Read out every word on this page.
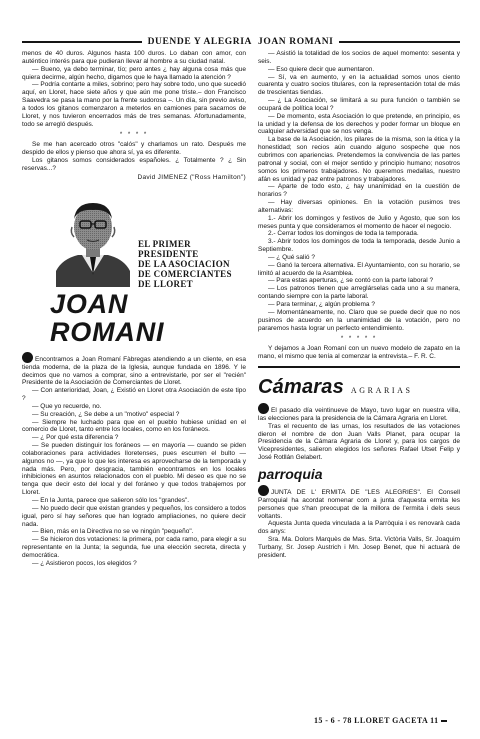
DUENDE Y ALEGRIA JOAN ROMANI

menos de 40 duros. Algunos hasta 100 duros. Lo daban con amor, con auténtico interés para que pudieran llevar al hombre a su ciudad natal.

— Bueno, ya debo terminar, tío; pero antes ¿ hay alguna cosa más que quiera decirme, algún hecho, digamos que le haya llamado la atención ?

— Podría contarte a miles, sobrino; pero hay sobre todo, uno que sucedió aquí, en Lloret, hace siete años y que aún me pone triste.– don Francisco Saavedra se pasa la mano por la frente sudorosa –. Un día, sin previo aviso, a todos los gitanos comenzaron a meterlos en camiones para sacarnos de Lloret, y nos tuvieron encerrados más de tres semanas. Afortunadamente, todo se arregló después.

* * * *

Se me han acercado otros "calós" y charlamos un rato. Después me despido de ellos y pienso que ahora sí, ya es diferente.

Los gitanos somos considerados españoles. ¿ Totalmente ? ¿ Sin reservas...?

David JIMENEZ ("Ross Hamilton")
EL PRIMER
PRESIDENTE
DE LA ASOCIACION
DE COMERCIANTES
DE LLORET
JOAN ROMANI

Encontramos a Joan Romaní Fàbregas atendiendo a un cliente, en esa tienda moderna, de la plaza de la Iglesia, aunque fundada en 1896. Y le decimos que no vamos a comprar, sino a entrevistarle, por ser el "recién" Presidente de la Asociación de Comerciantes de Lloret.

— Con anterioridad, Joan, ¿ Existió en Lloret otra Asociación de este tipo ?

— Que yo recuerde, no.

— Su creación, ¿ Se debe a un "motivo" especial ?

— Siempre he luchado para que en el pueblo hubiese unidad en el comercio de Lloret, tanto entre los locales, como en los foráneos.

— ¿ Por qué esta diferencia ?

— Se pueden distinguir los foráneos — en mayoría — cuando se piden colaboraciones para actividades lloretenses, pues escurren el bulto — algunos no —, ya que lo que les interesa es aprovecharse de la temporada y nada más. Pero, por desgracia, también encontramos en los locales inhibiciones en asuntos relacionados con el pueblo. Mi deseo es que no se tenga que decir esto del local y del foráneo y que todos trabajemos por Lloret.

— En la Junta, parece que salieron sólo los "grandes".

— No puedo decir que existan grandes y pequeños, los considero a todos igual, pero sí hay señores que han logrado ampliaciones, no quiere decir nada.

— Bien, más en la Directiva no se ve ningún "pequeño".

— Se hicieron dos votaciones: la primera, por cada ramo, para elegir a su representante en la Junta; la segunda, fue una elección secreta, directa y democrática.

— ¿ Asistieron pocos, los elegidos ?

— Asistió la totalidad de los socios de aquel momento: sesenta y seis.

— Eso quiere decir que aumentaron.

— Sí, va en aumento, y en la actualidad somos unos ciento cuarenta y cuatro socios titulares, con la representación total de más de trescientas tiendas.

— ¿ La Asociación, se limitará a su pura función o también se ocupará de política local ?

— De momento, esta Asociación lo que pretende, en principio, es la unidad y la defensa de los derechos y poder formar un bloque en cualquier adversidad que se nos venga.

La base de la Asociación, los pilares de la misma, son la ética y la honestidad; son recios aún cuando alguno sospeche que nos cubrimos con apariencias. Pretendemos la convivencia de las partes patronal y social, con el mejor sentido y principio humano; nosotros somos los primeros trabajadores. No queremos medallas, nuestro afán es unidad y paz entre patronos y trabajadores.

— Aparte de todo esto, ¿ hay unanimidad en la cuestión de horarios ?

— Hay diversas opiniones. En la votación pusimos tres alternativas:

1.- Abrir los domingos y festivos de Julio y Agosto, que son los meses punta y que consideramos el momento de hacer el negocio.

2.- Cerrar todos los domingos de toda la temporada.

3.- Abrir todos los domingos de toda la temporada, desde Junio a Septiembre.

— ¿ Qué salió ?

— Ganó la tercera alternativa. El Ayuntamiento, con su horario, se limitó al acuerdo de la Asamblea.

— Para estas aperturas, ¿ se contó con la parte laboral ?

— Los patronos tienen que arreglárselas cada uno a su manera, contando siempre con la parte laboral.

— Para terminar, ¿ algún problema ?

— Momentáneamente, no. Claro que se puede decir que no nos pusimos de acuerdo en la unanimidad de la votación, pero no pararemos hasta lograr un perfecto entendimiento.

* * * * *

Y dejamos a Joan Romaní con un nuevo modelo de zapato en la mano, el mismo que tenía al comenzar la entrevista.– F. R. C.

Cámaras AGRARIAS

El pasado día veintinueve de Mayo, tuvo lugar en nuestra villa, las elecciones para la presidencia de la Cámara Agraria en Lloret.

Tras el recuento de las urnas, los resultados de las votaciones dieron el nombre de don Juan Valls Planet, para ocupar la Presidencia de la Cámara Agraria de Lloret y, para los cargos de Vicepresidentes, salieron elegidos los señores Rafael Utset Felip y José Rotllán Gelabert.

parroquia

JUNTA DE L' ERMITA DE "LES ALEGRIES". El Consell Parroquial ha acordat nomenar com a junta d'aquesta ermita les persones que s'han preocupat de la millora de l'ermita i dels seus voltants.

Aquesta Junta queda vinculada a la Parròquia i es renovarà cada dos anys:

Sra. Ma. Dolors Marquès de Mas. Srta. Victòria Valls, Sr. Joaquim Turbany, Sr. Josep Austrich i Mn. Josep Benet, que hi actuarà de president.

15 - 6 - 78 LLORET GACETA 11
